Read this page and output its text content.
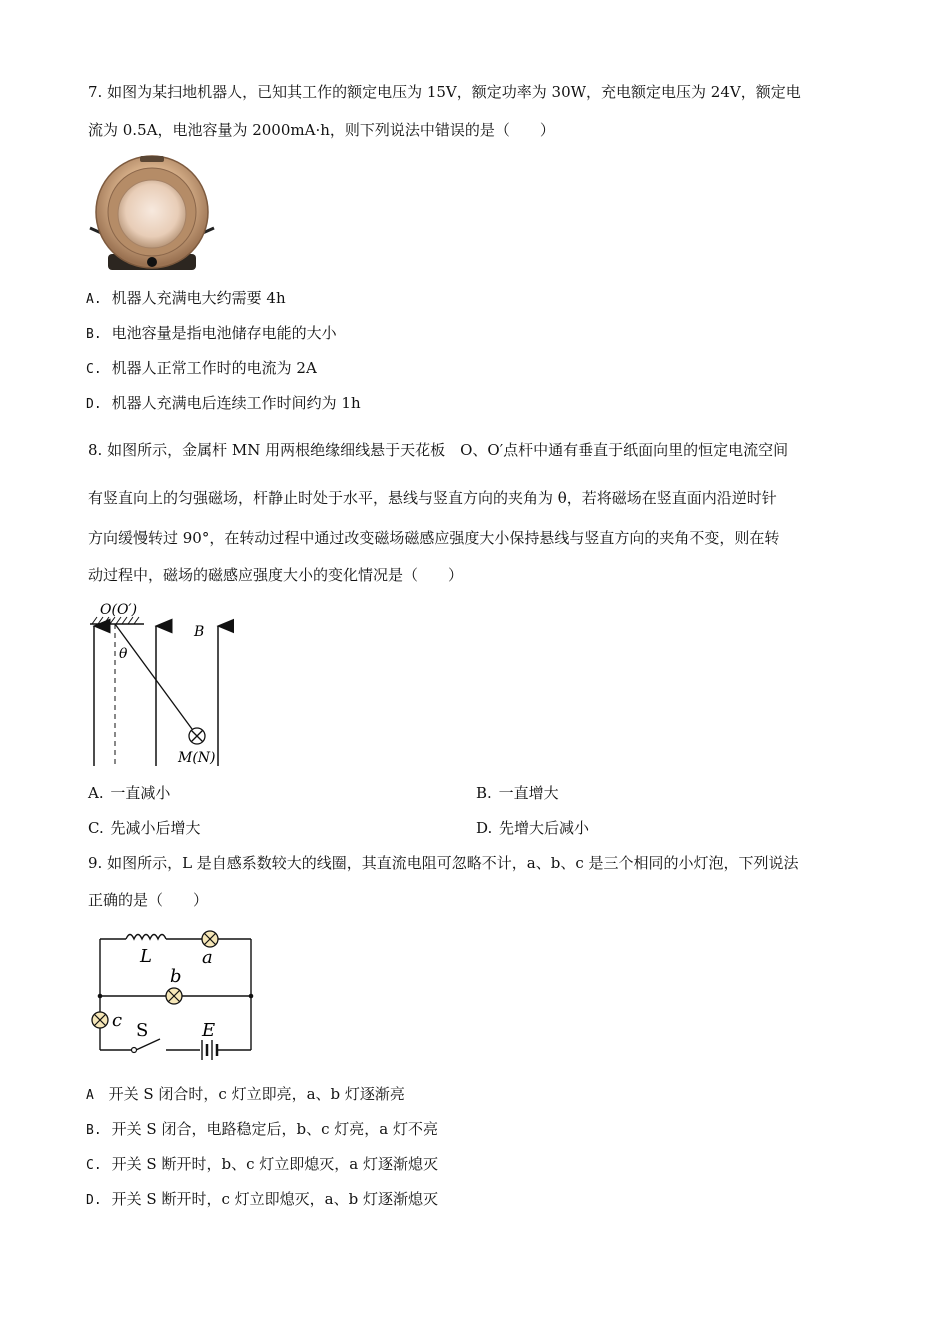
7. 如图为某扫地机器人，已知其工作的额定电压为 15V，额定功率为 30W，充电额定电压为 24V，额定电
流为 0.5A，电池容量为 2000mA·h，则下列说法中错误的是（　　）
A. 机器人充满电大约需要 4h
B. 电池容量是指电池储存电能的大小
C. 机器人正常工作时的电流为 2A
D. 机器人充满电后连续工作时间约为 1h
8. 如图所示，金属杆 MN 用两根绝缘细线悬于天花板　O、O′点杆中通有垂直于纸面向里的恒定电流空间
有竖直向上的匀强磁场，杆静止时处于水平，悬线与竖直方向的夹角为 θ，若将磁场在竖直面内沿逆时针
方向缓慢转过 90°，在转动过程中通过改变磁场磁感应强度大小保持悬线与竖直方向的夹角不变，则在转
动过程中，磁场的磁感应强度大小的变化情况是（　　）
O(O′)
θ
B
M(N)
A. 一直减小	B. 一直增大
C. 先减小后增大	D. 先增大后减小
9. 如图所示，L 是自感系数较大的线圈，其直流电阻可忽略不计，a、b、c 是三个相同的小灯泡，下列说法
正确的是（　　）
L	a
b
c S	E
A 开关 S 闭合时，c 灯立即亮，a、b 灯逐渐亮
B. 开关 S 闭合，电路稳定后，b、c 灯亮，a 灯不亮
C. 开关 S 断开时，b、c 灯立即熄灭，a 灯逐渐熄灭
D. 开关 S 断开时，c 灯立即熄灭，a、b 灯逐渐熄灭
